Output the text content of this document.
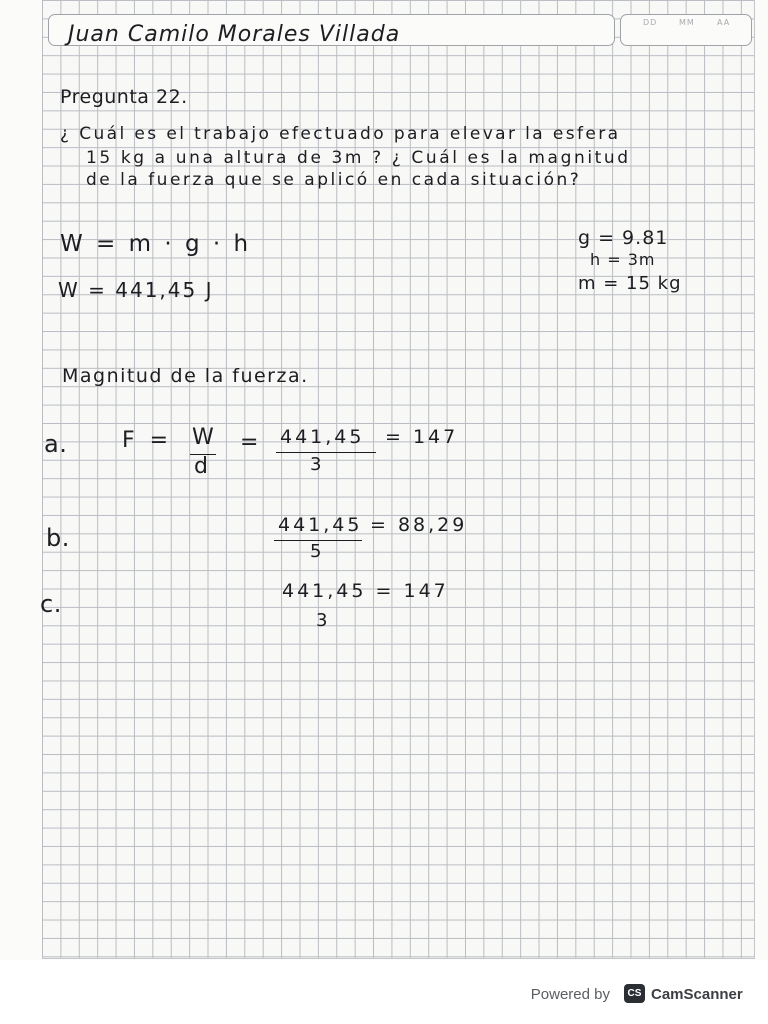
DD	MM	AA
Juan Camilo Morales Villada
Pregunta 22.
¿ Cuál es el trabajo efectuado para elevar la esfera
15 kg a una altura de 3m ? ¿ Cuál es la magnitud
de la fuerza que se aplicó en cada situación?
W = m · g · h
W = 441,45 J
g = 9.81
h = 3m
m = 15 kg
Magnitud de la fuerza.
a. F = W
d
= 441,45
3
= 147
b.	441,45 = 88,29
5
c.	441,45 = 147
3
Powered by	CS CamScanner
